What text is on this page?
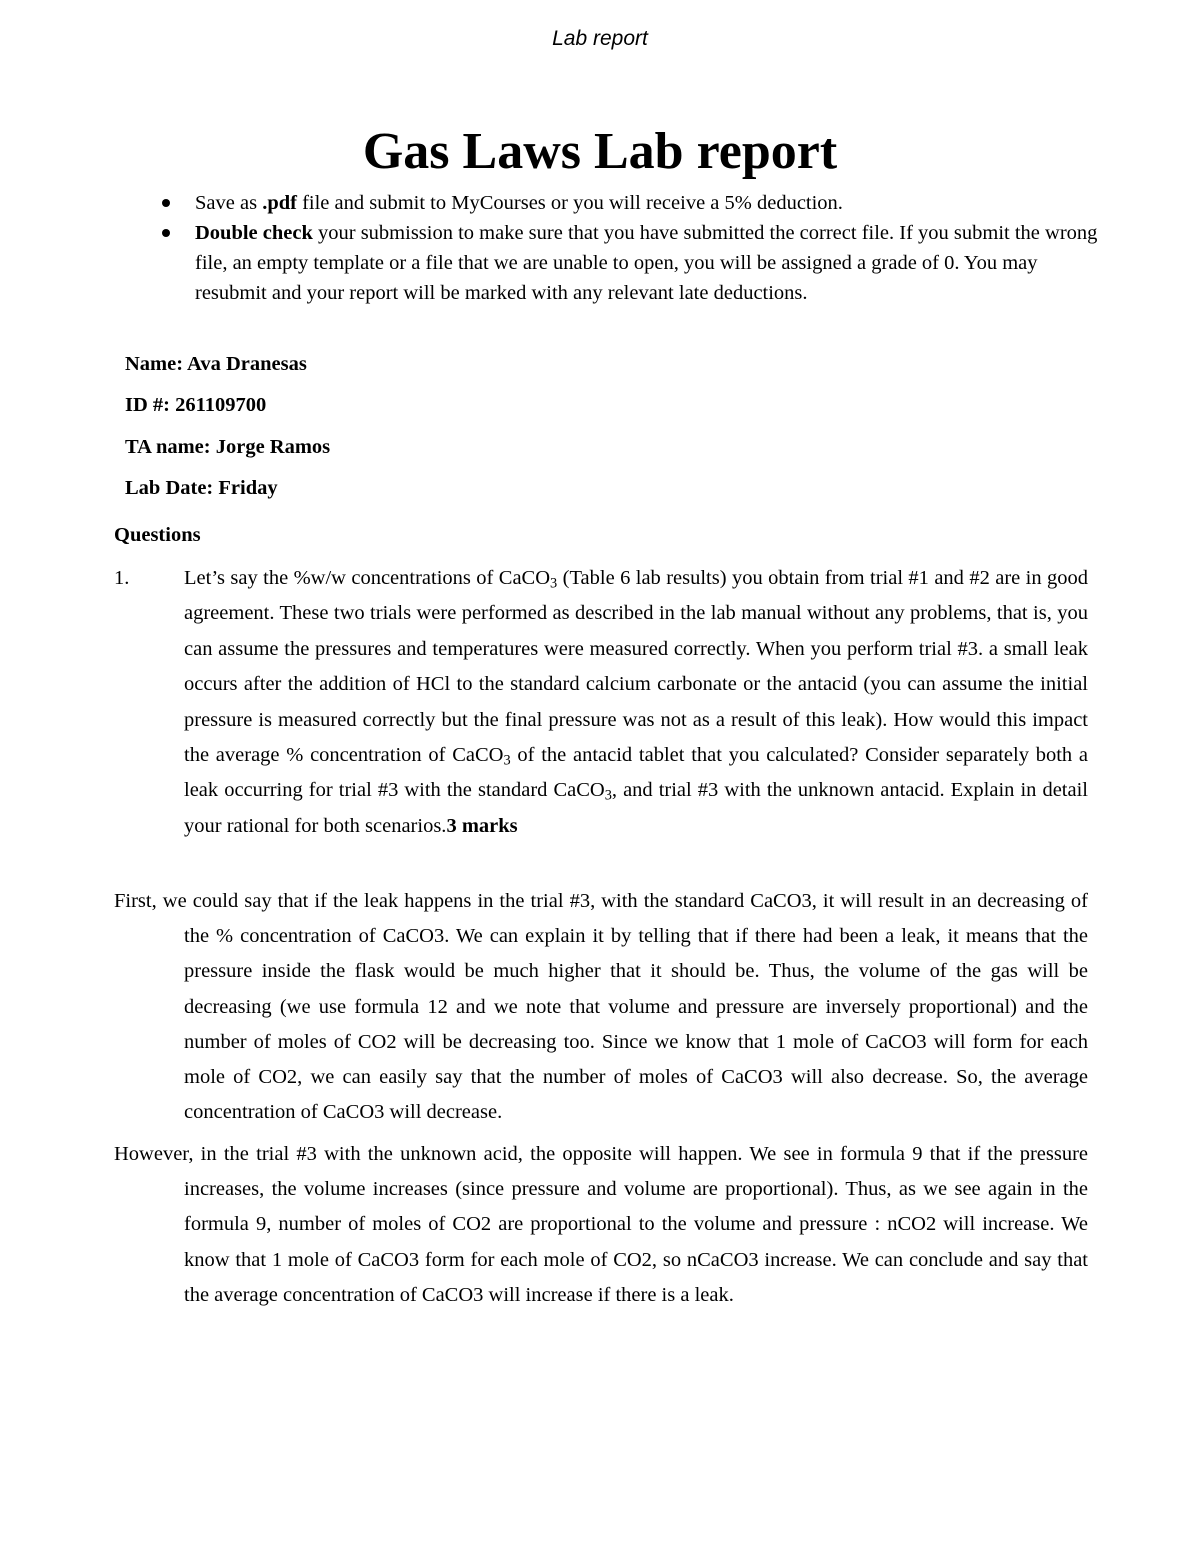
Lab report
Gas Laws Lab report
Save as .pdf file and submit to MyCourses or you will receive a 5% deduction.
Double check your submission to make sure that you have submitted the correct file. If you submit the wrong file, an empty template or a file that we are unable to open, you will be assigned a grade of 0. You may resubmit and your report will be marked with any relevant late deductions.
Name: Ava Dranesas
ID #: 261109700
TA name: Jorge Ramos
Lab Date: Friday
Questions
1.	Let’s say the %w/w concentrations of CaCO$_3$ (Table 6 lab results) you obtain from trial #1 and #2 are in good agreement. These two trials were performed as described in the lab manual without any problems, that is, you can assume the pressures and temperatures were measured correctly. When you perform trial #3. a small leak occurs after the addition of HCl to the standard calcium carbonate or the antacid (you can assume the initial pressure is measured correctly but the final pressure was not as a result of this leak). How would this impact the average % concentration of CaCO$_3$ of the antacid tablet that you calculated? Consider separately both a leak occurring for trial #3 with the standard CaCO$_3$, and trial #3 with the unknown antacid. Explain in detail your rational for both scenarios.3 marks

First, we could say that if the leak happens in the trial #3, with the standard CaCO3, it will result in an decreasing of the % concentration of CaCO3. We can explain it by telling that if there had been a leak, it means that the pressure inside the flask would be much higher that it should be. Thus, the volume of the gas will be decreasing (we use formula 12 and we note that volume and pressure are inversely proportional) and the number of moles of CO2 will be decreasing too. Since we know that 1 mole of CaCO3 will form for each mole of CO2, we can easily say that the number of moles of CaCO3 will also decrease. So, the average concentration of CaCO3 will decrease.

However, in the trial #3 with the unknown acid, the opposite will happen. We see in formula 9 that if the pressure increases, the volume increases (since pressure and volume are proportional). Thus, as we see again in the formula 9, number of moles of CO2 are proportional to the volume and pressure : nCO2 will increase. We know that 1 mole of CaCO3 form for each mole of CO2, so nCaCO3 increase. We can conclude and say that the average concentration of CaCO3 will increase if there is a leak.
